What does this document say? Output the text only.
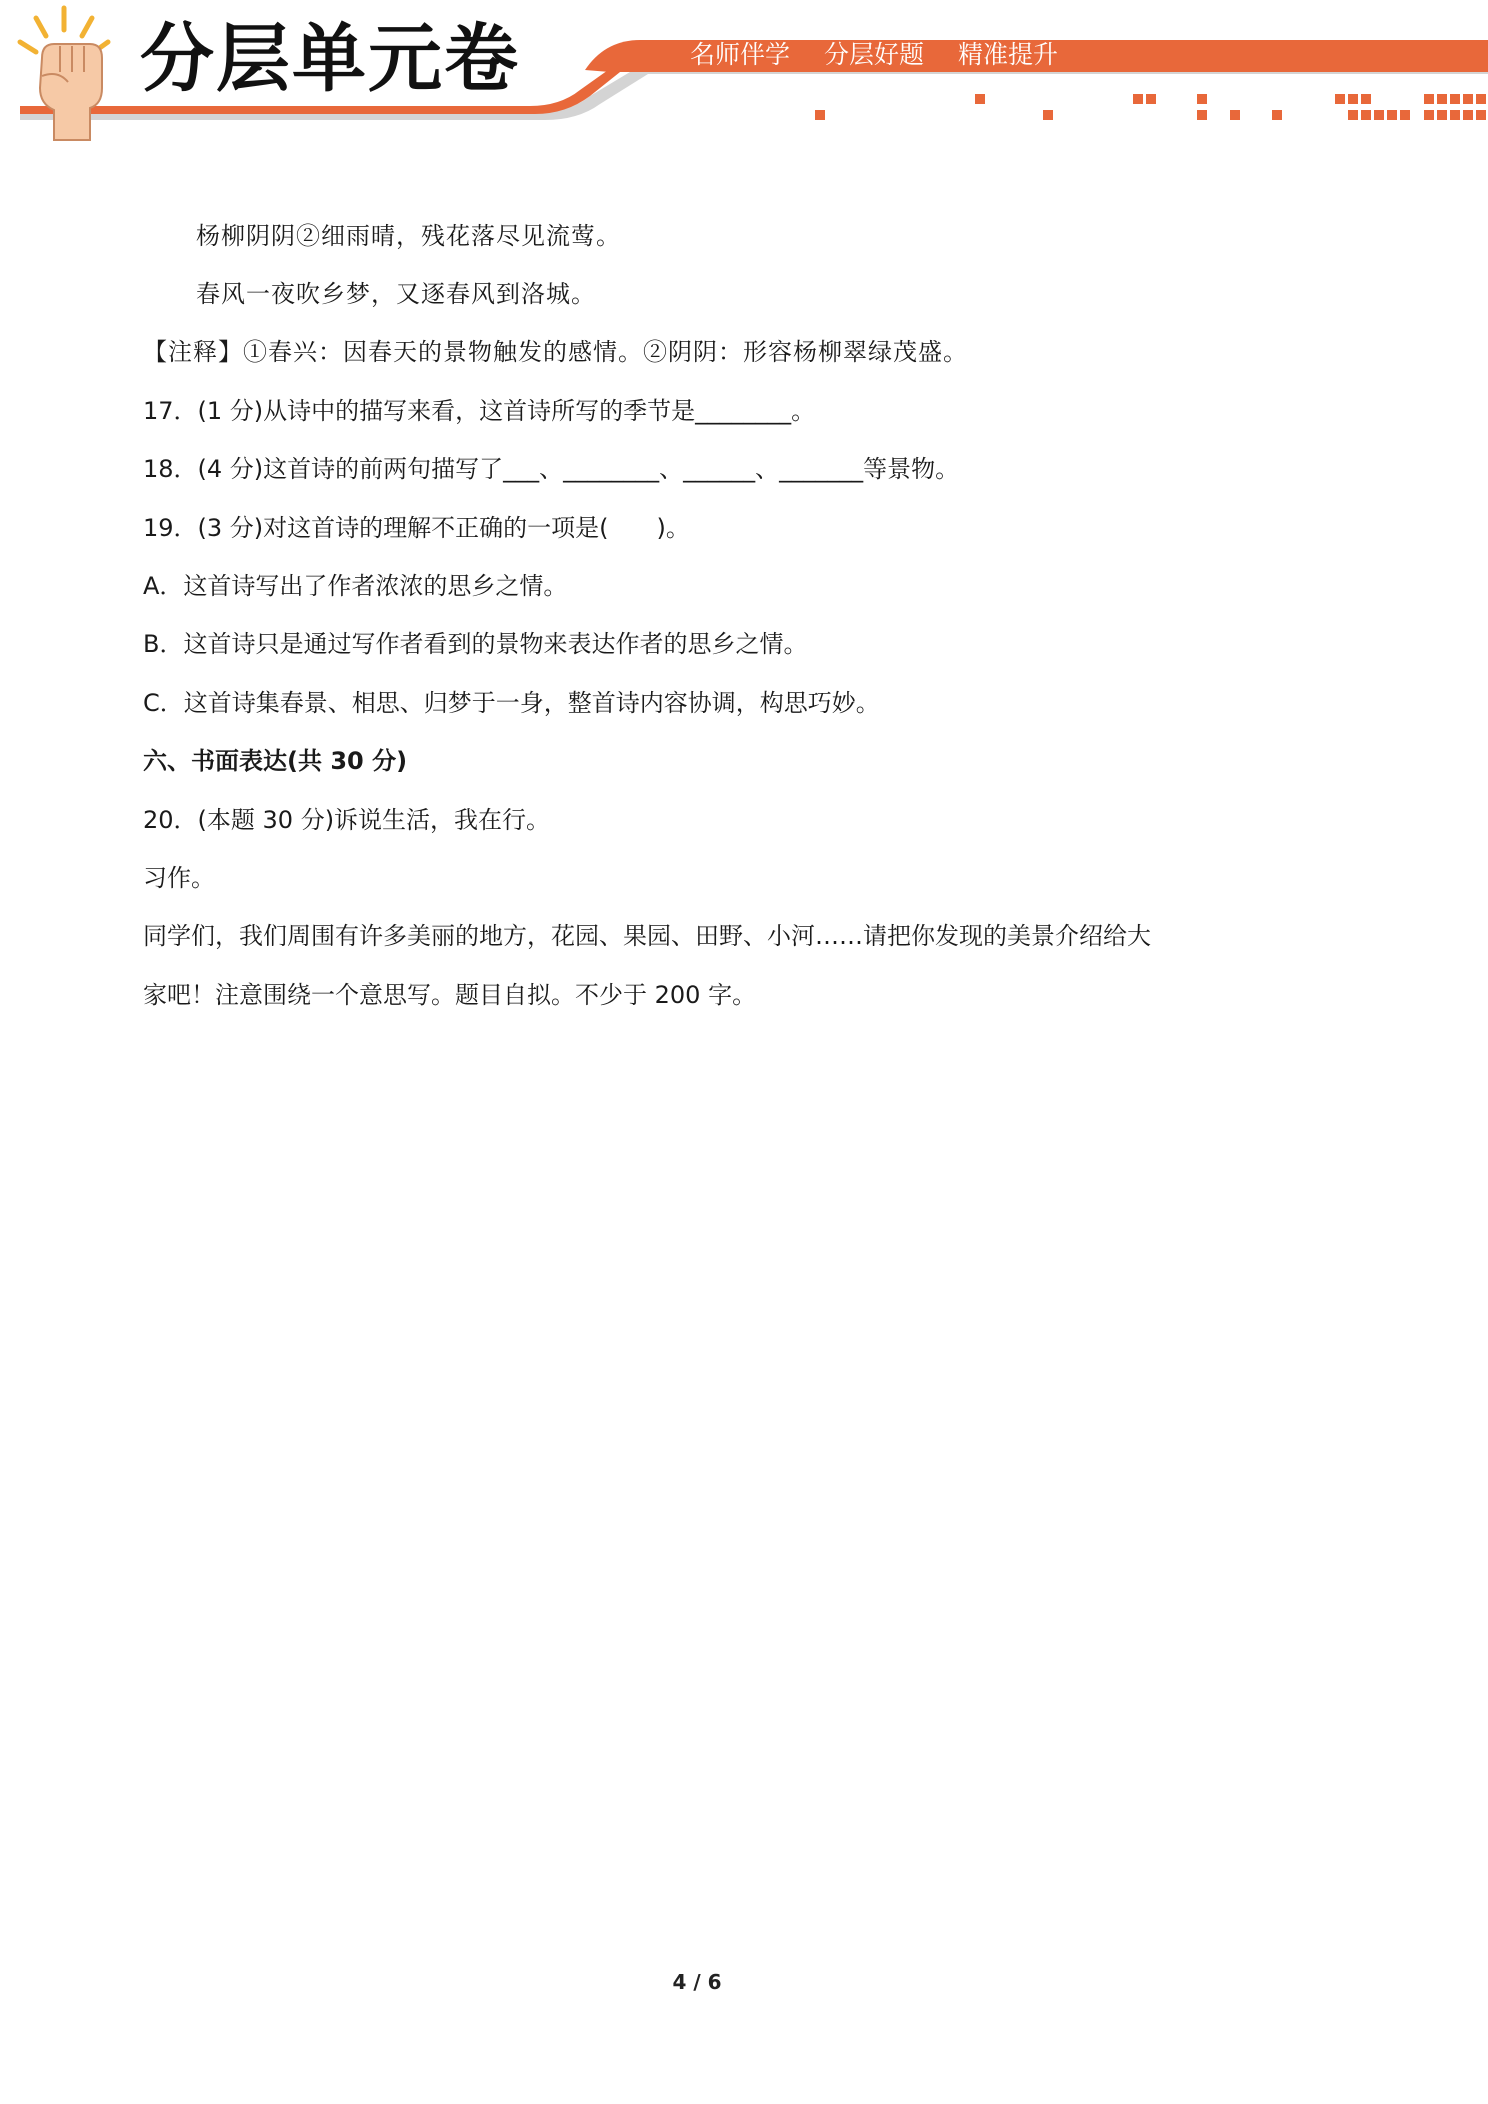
分层单元卷	名师伴学 分层好题 精准提升
杨柳阴阴②细雨晴，残花落尽见流莺。
春风一夜吹乡梦，又逐春风到洛城。
【注释】①春兴：因春天的景物触发的感情。②阴阴：形容杨柳翠绿茂盛。
17．(1 分)从诗中的描写来看，这首诗所写的季节是________。
18．(4 分)这首诗的前两句描写了___、________、______、_______等景物。
19．(3 分)对这首诗的理解不正确的一项是(　　)。
A．这首诗写出了作者浓浓的思乡之情。
B．这首诗只是通过写作者看到的景物来表达作者的思乡之情。
C．这首诗集春景、相思、归梦于一身，整首诗内容协调，构思巧妙。
六、书面表达(共 30 分)
20．(本题 30 分)诉说生活，我在行。
习作。
同学们，我们周围有许多美丽的地方，花园、果园、田野、小河……请把你发现的美景介绍给大
家吧！注意围绕一个意思写。题目自拟。不少于 200 字。
4 / 6
